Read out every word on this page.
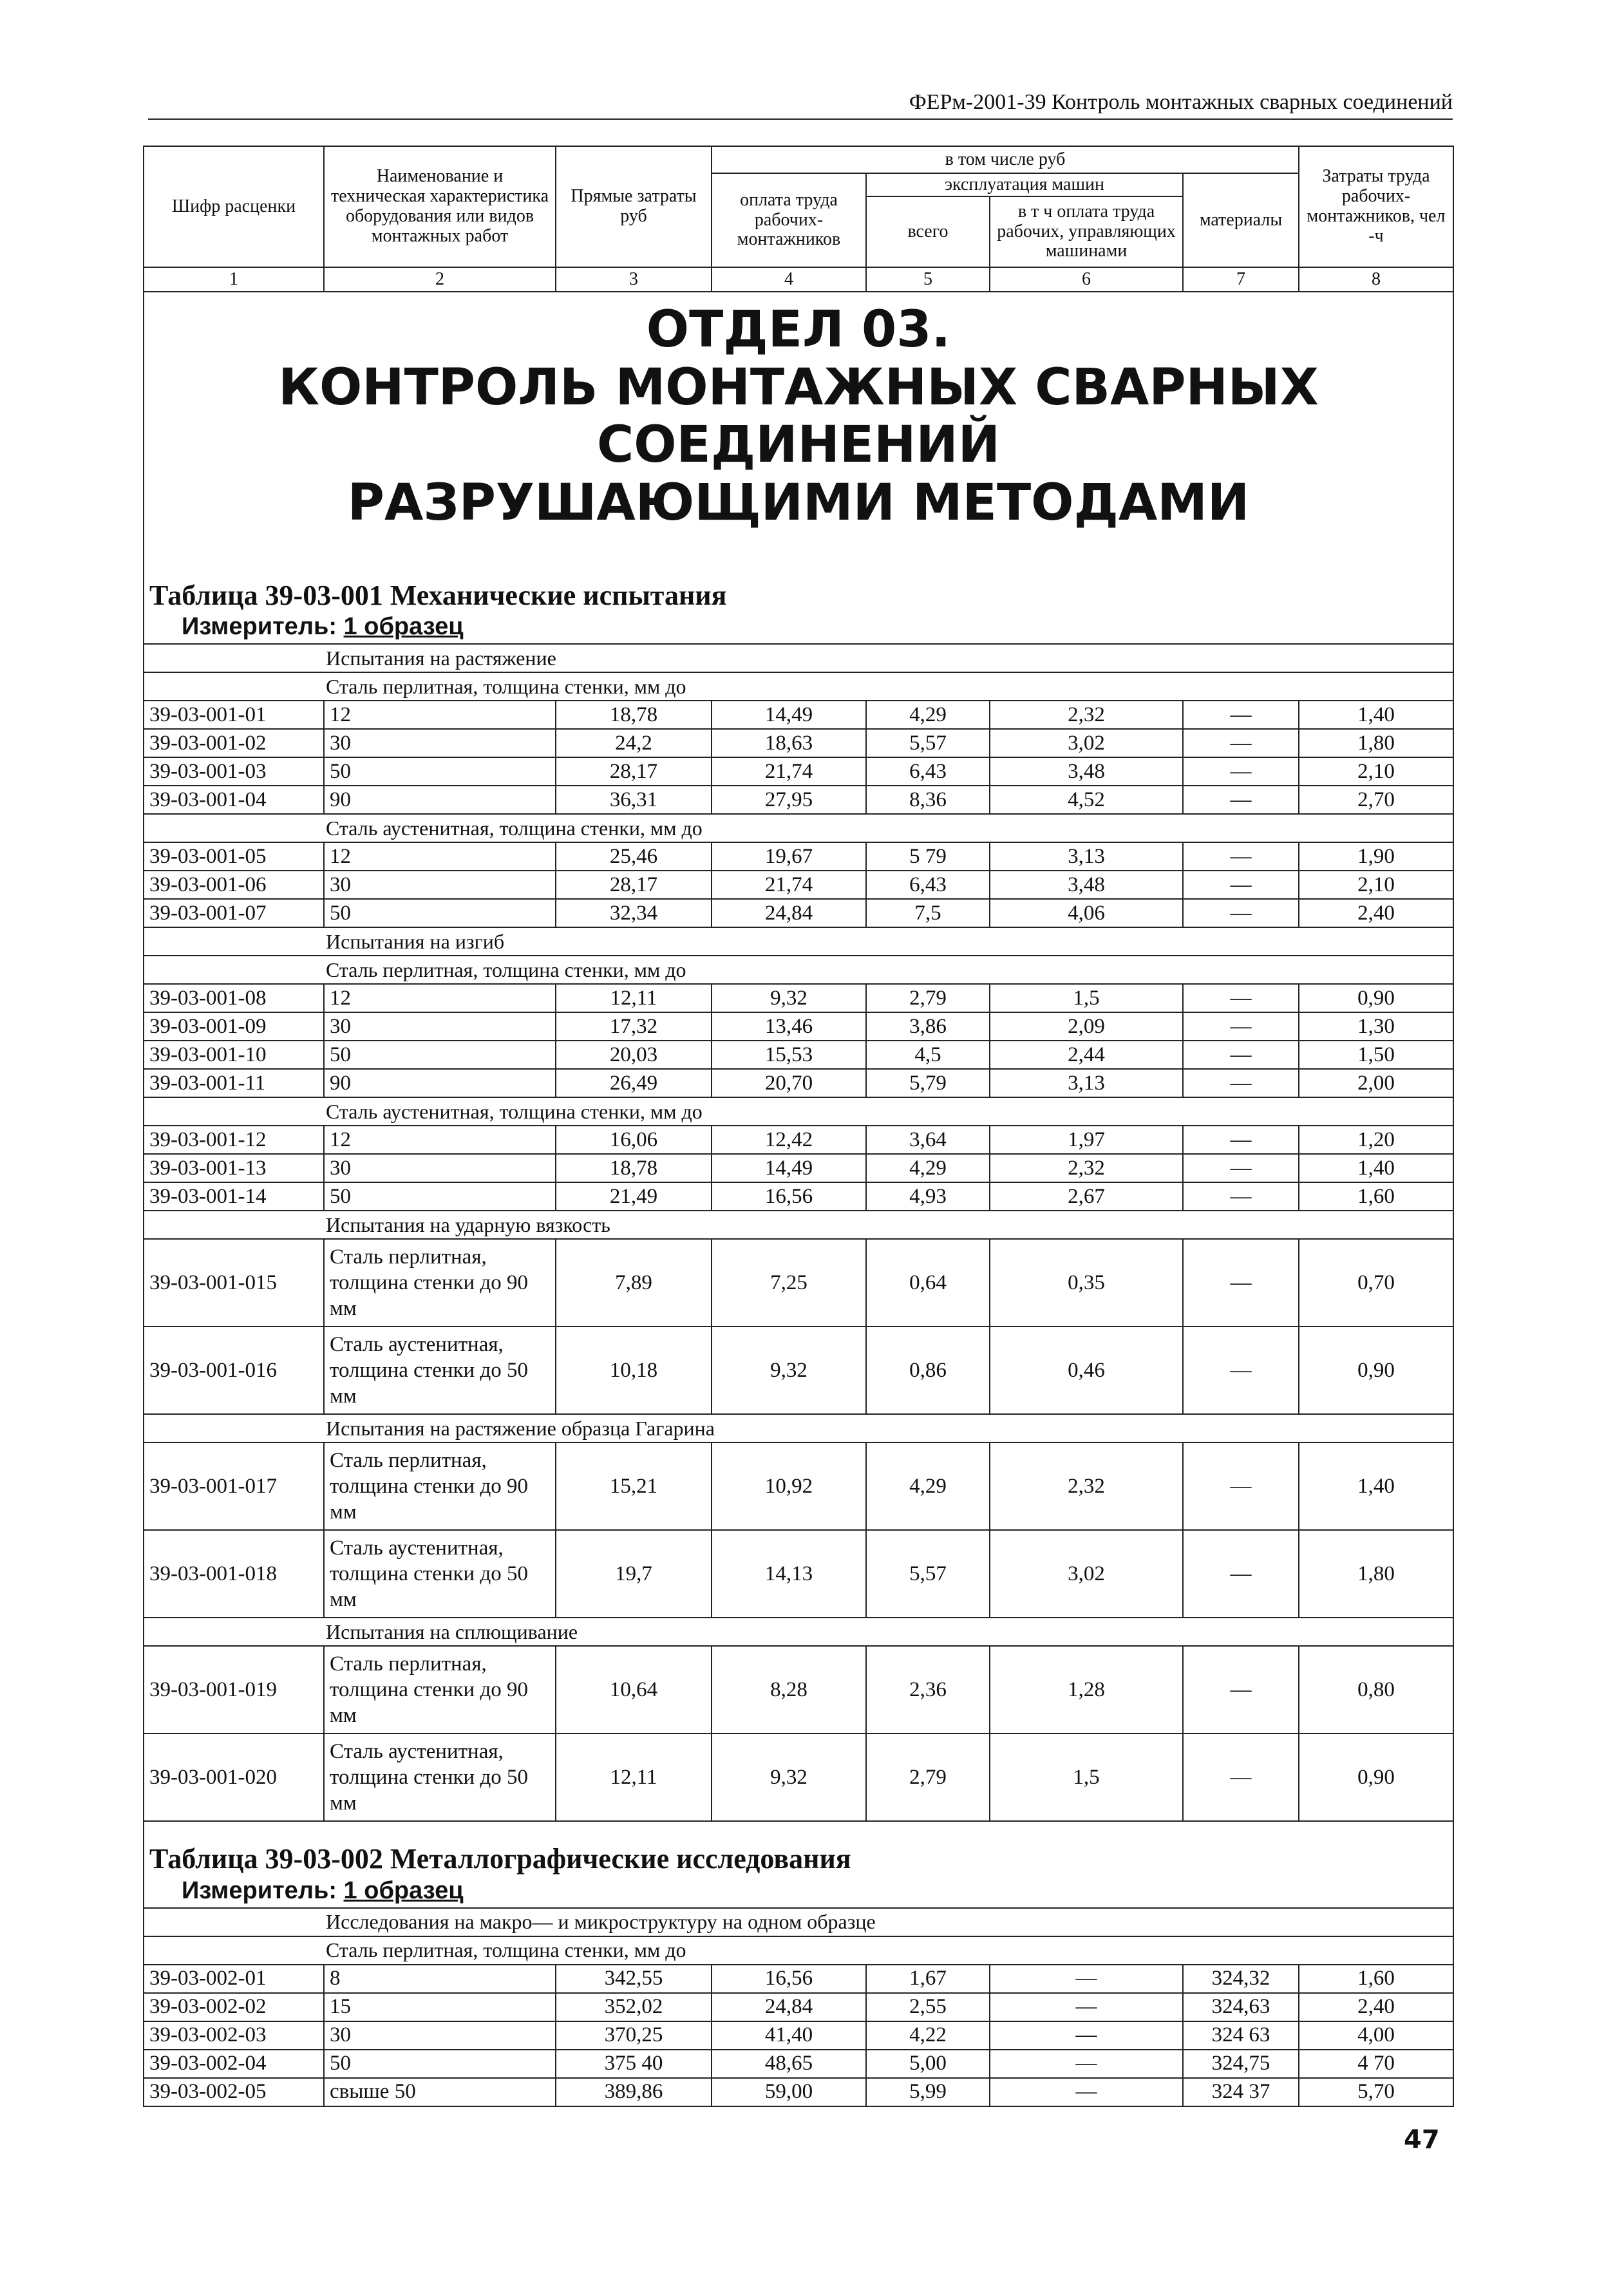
ФЕРм-2001-39 Контроль монтажных сварных соединений
Шифр расценки	Наименование и техническая характеристика оборудования или видов монтажных работ	Прямые затраты руб	в том числе руб				Затраты труда рабочих-монтажников, чел -ч
			оплата труда рабочих-монтажников	эксплуатация машин		материалы	
				всего	в т ч оплата труда рабочих, управляющих машинами		
1	2	3	4	5	6	7	8

ОТДЕЛ 03.
КОНТРОЛЬ МОНТАЖНЫХ СВАРНЫХ СОЕДИНЕНИЙ
РАЗРУШАЮЩИМИ МЕТОДАМИ							

Таблица 39-03-001 Механические испытания							
Измеритель: 1 образец							
Испытания на растяжение							
Сталь перлитная, толщина стенки, мм до							
39-03-001-01	12	18,78	14,49	4,29	2,32	—	1,40
39-03-001-02	30	24,2	18,63	5,57	3,02	—	1,80
39-03-001-03	50	28,17	21,74	6,43	3,48	—	2,10
39-03-001-04	90	36,31	27,95	8,36	4,52	—	2,70
Сталь аустенитная, толщина стенки, мм до							
39-03-001-05	12	25,46	19,67	5 79	3,13	—	1,90
39-03-001-06	30	28,17	21,74	6,43	3,48	—	2,10
39-03-001-07	50	32,34	24,84	7,5	4,06	—	2,40
Испытания на изгиб							
Сталь перлитная, толщина стенки, мм до							
39-03-001-08	12	12,11	9,32	2,79	1,5	—	0,90
39-03-001-09	30	17,32	13,46	3,86	2,09	—	1,30
39-03-001-10	50	20,03	15,53	4,5	2,44	—	1,50
39-03-001-11	90	26,49	20,70	5,79	3,13	—	2,00
Сталь аустенитная, толщина стенки, мм до							
39-03-001-12	12	16,06	12,42	3,64	1,97	—	1,20
39-03-001-13	30	18,78	14,49	4,29	2,32	—	1,40
39-03-001-14	50	21,49	16,56	4,93	2,67	—	1,60
Испытания на ударную вязкость							
39-03-001-015	Сталь перлитная, толщина стенки до 90 мм	7,89	7,25	0,64	0,35	—	0,70
39-03-001-016	Сталь аустенитная, толщина стенки до 50 мм	10,18	9,32	0,86	0,46	—	0,90
Испытания на растяжение образца Гагарина							
39-03-001-017	Сталь перлитная, толщина стенки до 90 мм	15,21	10,92	4,29	2,32	—	1,40
39-03-001-018	Сталь аустенитная, толщина стенки до 50 мм	19,7	14,13	5,57	3,02	—	1,80
Испытания на сплющивание							
39-03-001-019	Сталь перлитная, толщина стенки до 90 мм	10,64	8,28	2,36	1,28	—	0,80
39-03-001-020	Сталь аустенитная, толщина стенки до 50 мм	12,11	9,32	2,79	1,5	—	0,90
Таблица 39-03-002 Металлографические исследования							
Измеритель: 1 образец							
Исследования на макро— и микроструктуру на одном образце							
Сталь перлитная, толщина стенки, мм до							
39-03-002-01	8	342,55	16,56	1,67	—	324,32	1,60
39-03-002-02	15	352,02	24,84	2,55	—	324,63	2,40
39-03-002-03	30	370,25	41,40	4,22	—	324 63	4,00
39-03-002-04	50	375 40	48,65	5,00	—	324,75	4 70
39-03-002-05	свыше 50	389,86	59,00	5,99	—	324 37	5,70
47
